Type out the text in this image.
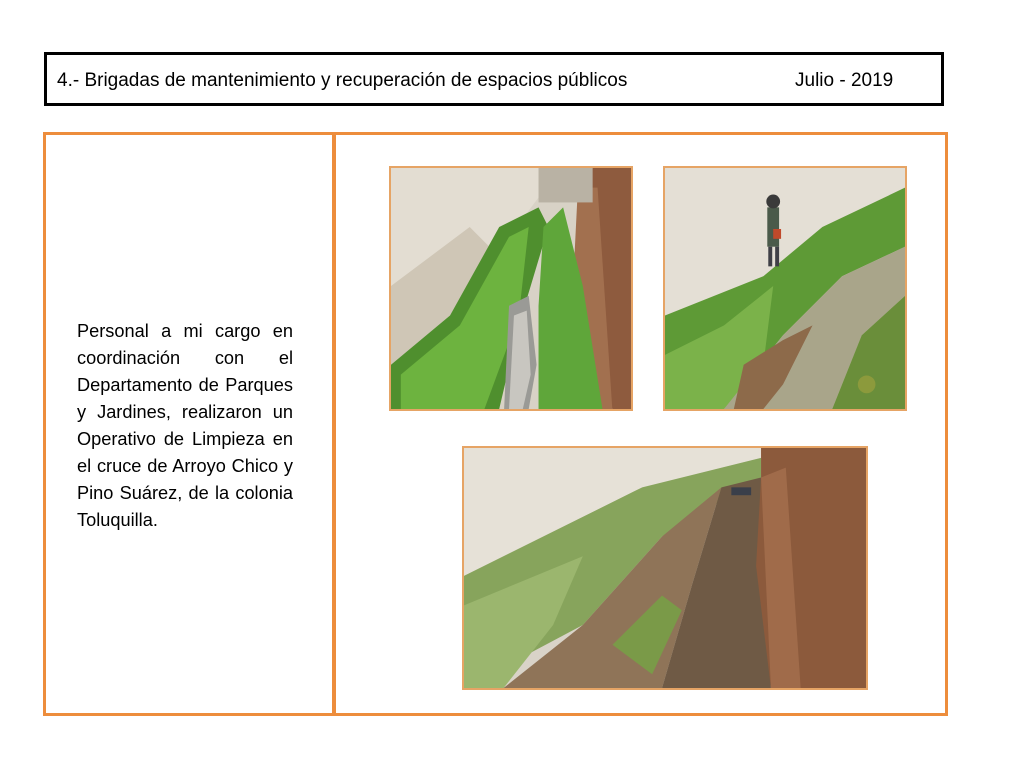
4.- Brigadas de mantenimiento y recuperación de espacios públicos	Julio - 2019

Personal a mi cargo en coordinación con el Departamento de Parques y Jardines, realizaron un Operativo de Limpieza en el cruce de Arroyo Chico y Pino Suárez, de la colonia Toluquilla.
